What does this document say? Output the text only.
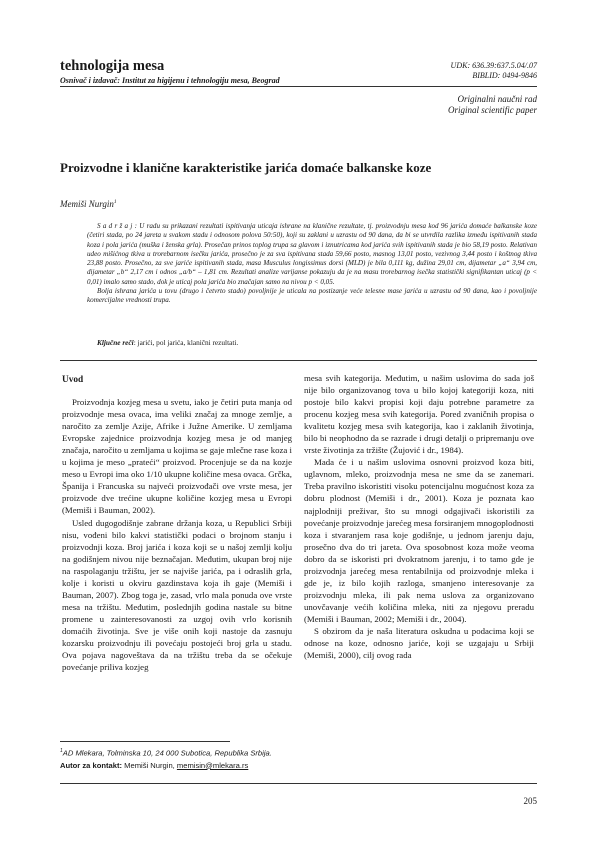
tehnologija mesa
Osnivač i izdavač: Institut za higijenu i tehnologiju mesa, Beograd
UDK: 636.39:637.5.04/.07
BIBLID: 0494-9846
Originalni naučni rad
Original scientific paper
Proizvodne i klanične karakteristike jarića domaće balkanske koze
Memiši Nurgin$^1$

S a d r ž a j : U radu su prikazani rezultati ispitivanja uticaja ishrane na klanične rezultate, tj. proizvodnju mesa kod 96 jarića domaće balkanske koze (četiri stada, po 24 jareta u svakom stadu i odnosom polova 50:50), koji su zaklani u uzrastu od 90 dana, da bi se utvrdila razlika između ispitivanih stada koza i pola jarića (muška i ženska grla). Prosečan prinos toplog trupa sa glavom i iznutricama kod jarića svih ispitivanih stada je bio 58,19 posto. Relativan udeo mišićnog tkiva u trorebarnom isečku jarića, prosečno je za sva ispitivana stada 59,66 posto, masnog 13,01 posto, vezivnog 3,44 posto i koštnog tkiva 23,88 posto. Prosečno, za sve jariće ispitivanih stada, masa Musculus longissimus dorsi (MLD) je bila 0,111 kg, dužina 29,01 cm, dijametar „a“ 3,94 cm, dijametar „b“ 2,17 cm i odnos „a/b“ – 1,81 cm. Rezultati analize varijanse pokazuju da je na masu trorebarnog isečka statistički signifikantan uticaj (p < 0,01) imalo samo stado, dok je uticaj pola jarića bio značajan samo na nivou p < 0,05.

Bolja ishrana jarića u tovu (drugo i četvrto stado) povoljnije je uticala na postizanje veće telesne mase jarića u uzrastu od 90 dana, kao i povoljnije komercijalne vrednosti trupa.

Ključne reči: jarići, pol jarića, klanični rezultati.

Uvod

Proizvodnja kozjeg mesa u svetu, iako je četiri puta manja od proizvodnje mesa ovaca, ima veliki značaj za mnoge zemlje, a naročito za zemlje Azije, Afrike i Južne Amerike. U zemljama Evropske zajednice proizvodnja kozjeg mesa je od manjeg značaja, naročito u zemljama u kojima se gaje mlečne rase koza i u kojima je meso „prateći“ proizvod. Procenjuje se da na kozje meso u Evropi ima oko 1/10 ukupne količine mesa ovaca. Grčka, Španija i Francuska su najveći proizvođači ove vrste mesa, jer proizvode dve trećine ukupne količine kozjeg mesa u Evropi (Memiši i Bauman, 2002).

Usled dugogodišnje zabrane držanja koza, u Republici Srbiji nisu, vođeni bilo kakvi statistički podaci o brojnom stanju i proizvodnji koza. Broj jarića i koza koji se u našoj zemlji kolju na godišnjem nivou nije beznačajan. Međutim, ukupan broj nije na raspolaganju tržištu, jer se najviše jarića, pa i odraslih grla, kolje i koristi u okviru gazdinstava koja ih gaje (Memiši i Bauman, 2007). Zbog toga je, zasad, vrlo mala ponuda ove vrste mesa na tržištu. Međutim, poslednjih godina nastale su bitne promene u zainteresovanosti za uzgoj ovih vrlo korisnih domaćih životinja. Sve je više onih koji nastoje da zasnuju kozarsku proizvodnju ili povećaju postojeći broj grla u stadu. Ova pojava nagoveštava da na tržištu treba da se očekuje povećanje priliva kozjeg

mesa svih kategorija. Međutim, u našim uslovima do sada još nije bilo organizovanog tova u bilo kojoj kategoriji koza, niti postoje bilo kakvi propisi koji daju potrebne parametre za procenu kozjeg mesa svih kategorija. Pored zvaničnih propisa o kvalitetu kozjeg mesa svih kategorija, kao i zaklanih životinja, bilo bi neophodno da se razrade i drugi detalji o pripremanju ove vrste životinja za tržište (Žujović i dr., 1984).

Mada će i u našim uslovima osnovni proizvod koza biti, uglavnom, mleko, proizvodnja mesa ne sme da se zanemari. Treba pravilno iskoristiti visoku potencijalnu mogućnost koza za dobru plodnost (Memiši i dr., 2001). Koza je poznata kao najplodniji preživar, što su mnogi odgajivači iskoristili za povećanje proizvodnje jarećeg mesa forsiranjem mnogoplodnosti koza i stvaranjem rasa koje godišnje, u jednom jarenju daju, prosečno dva do tri jareta. Ova sposobnost koza može veoma dobro da se iskoristi pri dvokratnom jarenju, i to tamo gde je proizvodnja jarećeg mesa rentabilnija od proizvodnje mleka i gde je, iz bilo kojih razloga, smanjeno interesovanje za proizvodnju mleka, ili pak nema uslova za organizovano unovčavanje većih količina mleka, niti za njegovu preradu (Memiši i Bauman, 2002; Memiši i dr., 2004).

S obzirom da je naša literatura oskudna u podacima koji se odnose na koze, odnosno jariće, koji se uzgajaju u Srbiji (Memiši, 2000), cilj ovog rada

$^1$AD Mlekara, Tolminska 10, 24 000 Subotica, Republika Srbija.
Autor za kontakt: Memiši Nurgin, memisin@mlekara.rs
205
